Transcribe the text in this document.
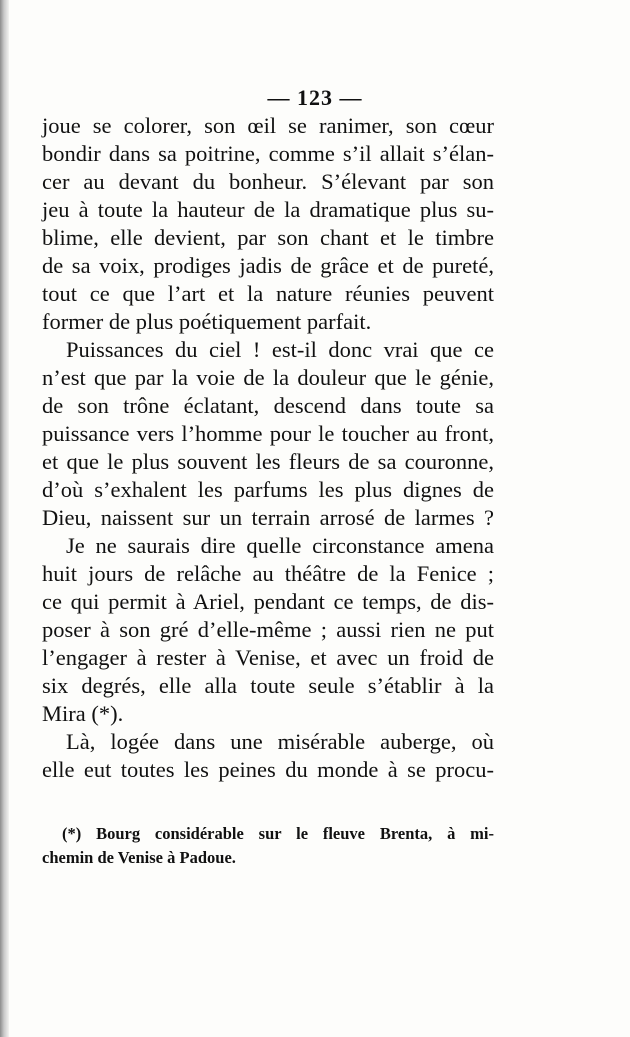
— 123 —
joue se colorer, son œil se ranimer, son cœur
bondir dans sa poitrine, comme s’il allait s’élan-
cer au devant du bonheur. S’élevant par son
jeu à toute la hauteur de la dramatique plus su-
blime, elle devient, par son chant et le timbre
de sa voix, prodiges jadis de grâce et de pureté,
tout ce que l’art et la nature réunies peuvent
former de plus poétiquement parfait.
Puissances du ciel ! est-il donc vrai que ce
n’est que par la voie de la douleur que le génie,
de son trône éclatant, descend dans toute sa
puissance vers l’homme pour le toucher au front,
et que le plus souvent les fleurs de sa couronne,
d’où s’exhalent les parfums les plus dignes de
Dieu, naissent sur un terrain arrosé de larmes ?
Je ne saurais dire quelle circonstance amena
huit jours de relâche au théâtre de la Fenice ;
ce qui permit à Ariel, pendant ce temps, de dis-
poser à son gré d’elle-même ; aussi rien ne put
l’engager à rester à Venise, et avec un froid de
six degrés, elle alla toute seule s’établir à la
Mira (*).
Là, logée dans une misérable auberge, où
elle eut toutes les peines du monde à se procu-
(*) Bourg considérable sur le fleuve Brenta, à mi-
chemin de Venise à Padoue.
